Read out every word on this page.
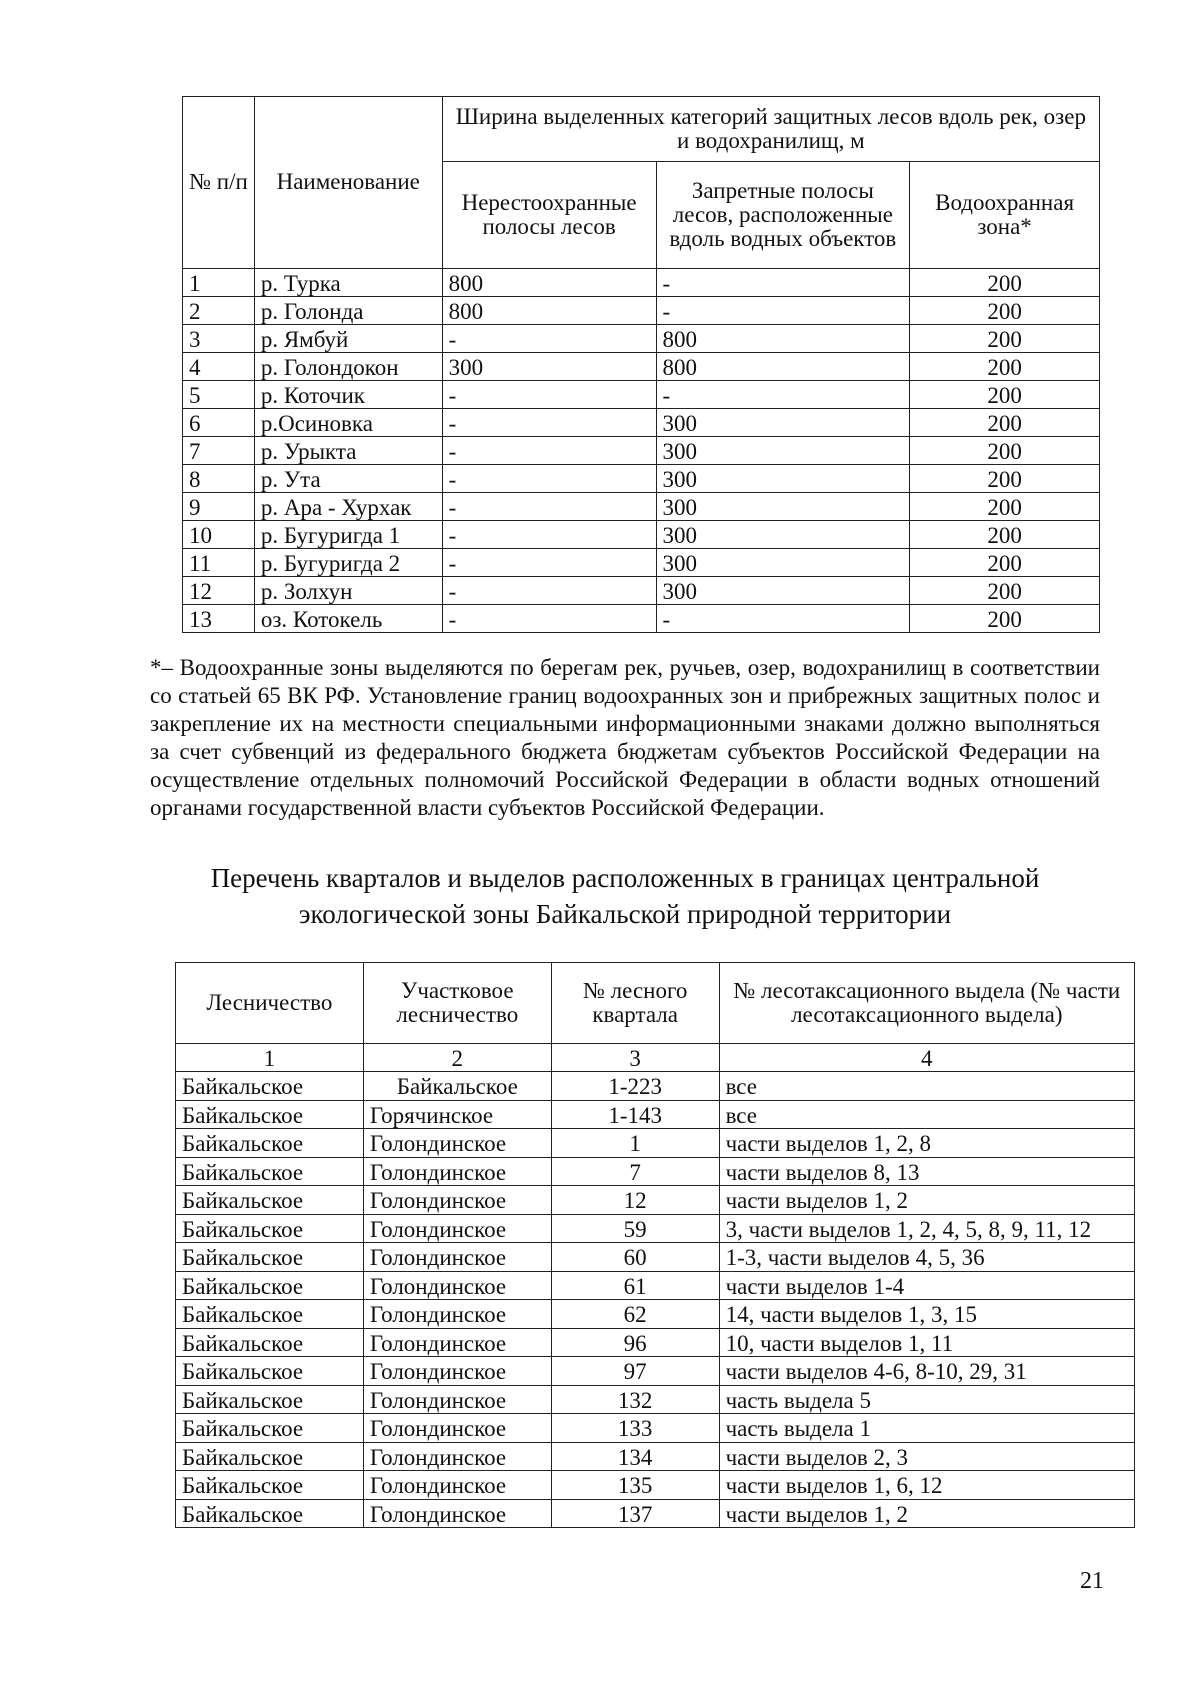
№ п/п	Наименование	Ширина выделенных категорий защитных лесов вдоль рек, озер и водохранилищ, м		
		Нерестоохранные полосы лесов	Запретные полосы лесов, расположенные вдоль водных объектов	Водоохранная зона*
1	р. Турка	800	-	200
2	р. Голонда	800	-	200
3	р. Ямбуй	-	800	200
4	р. Голондокон	300	800	200
5	р. Коточик	-	-	200
6	р.Осиновка	-	300	200
7	р. Урыкта	-	300	200
8	р. Ута	-	300	200
9	р. Ара - Хурхак	-	300	200
10	р. Бугуригда 1	-	300	200
11	р. Бугуригда 2	-	300	200
12	р. Золхун	-	300	200
13	оз. Котокель	-	-	200

*– Водоохранные зоны выделяются по берегам рек, ручьев, озер, водохранилищ в соответствии со статьей 65 ВК РФ. Установление границ водоохранных зон и прибрежных защитных полос и закрепление их на местности специальными информационными знаками должно выполняться за счет субвенций из федерального бюджета бюджетам субъектов Российской Федерации на осуществление отдельных полномочий Российской Федерации в области водных отношений органами государственной власти субъектов Российской Федерации.

Перечень кварталов и выделов расположенных в границах центральной
экологической зоны Байкальской природной территории
Лесничество	Участковое лесничество	№ лесного квартала	№ лесотаксационного выдела (№ части лесотаксационного выдела)
1	2	3	4
Байкальское	Байкальское	1-223	все
Байкальское	Горячинское	1-143	все
Байкальское	Голондинское	1	части выделов 1, 2, 8
Байкальское	Голондинское	7	части выделов 8, 13
Байкальское	Голондинское	12	части выделов 1, 2
Байкальское	Голондинское	59	3, части выделов 1, 2, 4, 5, 8, 9, 11, 12
Байкальское	Голондинское	60	1-3, части выделов 4, 5, 36
Байкальское	Голондинское	61	части выделов 1-4
Байкальское	Голондинское	62	14, части выделов 1, 3, 15
Байкальское	Голондинское	96	10, части выделов 1, 11
Байкальское	Голондинское	97	части выделов 4-6, 8-10, 29, 31
Байкальское	Голондинское	132	часть выдела 5
Байкальское	Голондинское	133	часть выдела 1
Байкальское	Голондинское	134	части выделов 2, 3
Байкальское	Голондинское	135	части выделов 1, 6, 12
Байкальское	Голондинское	137	части выделов 1, 2
21
